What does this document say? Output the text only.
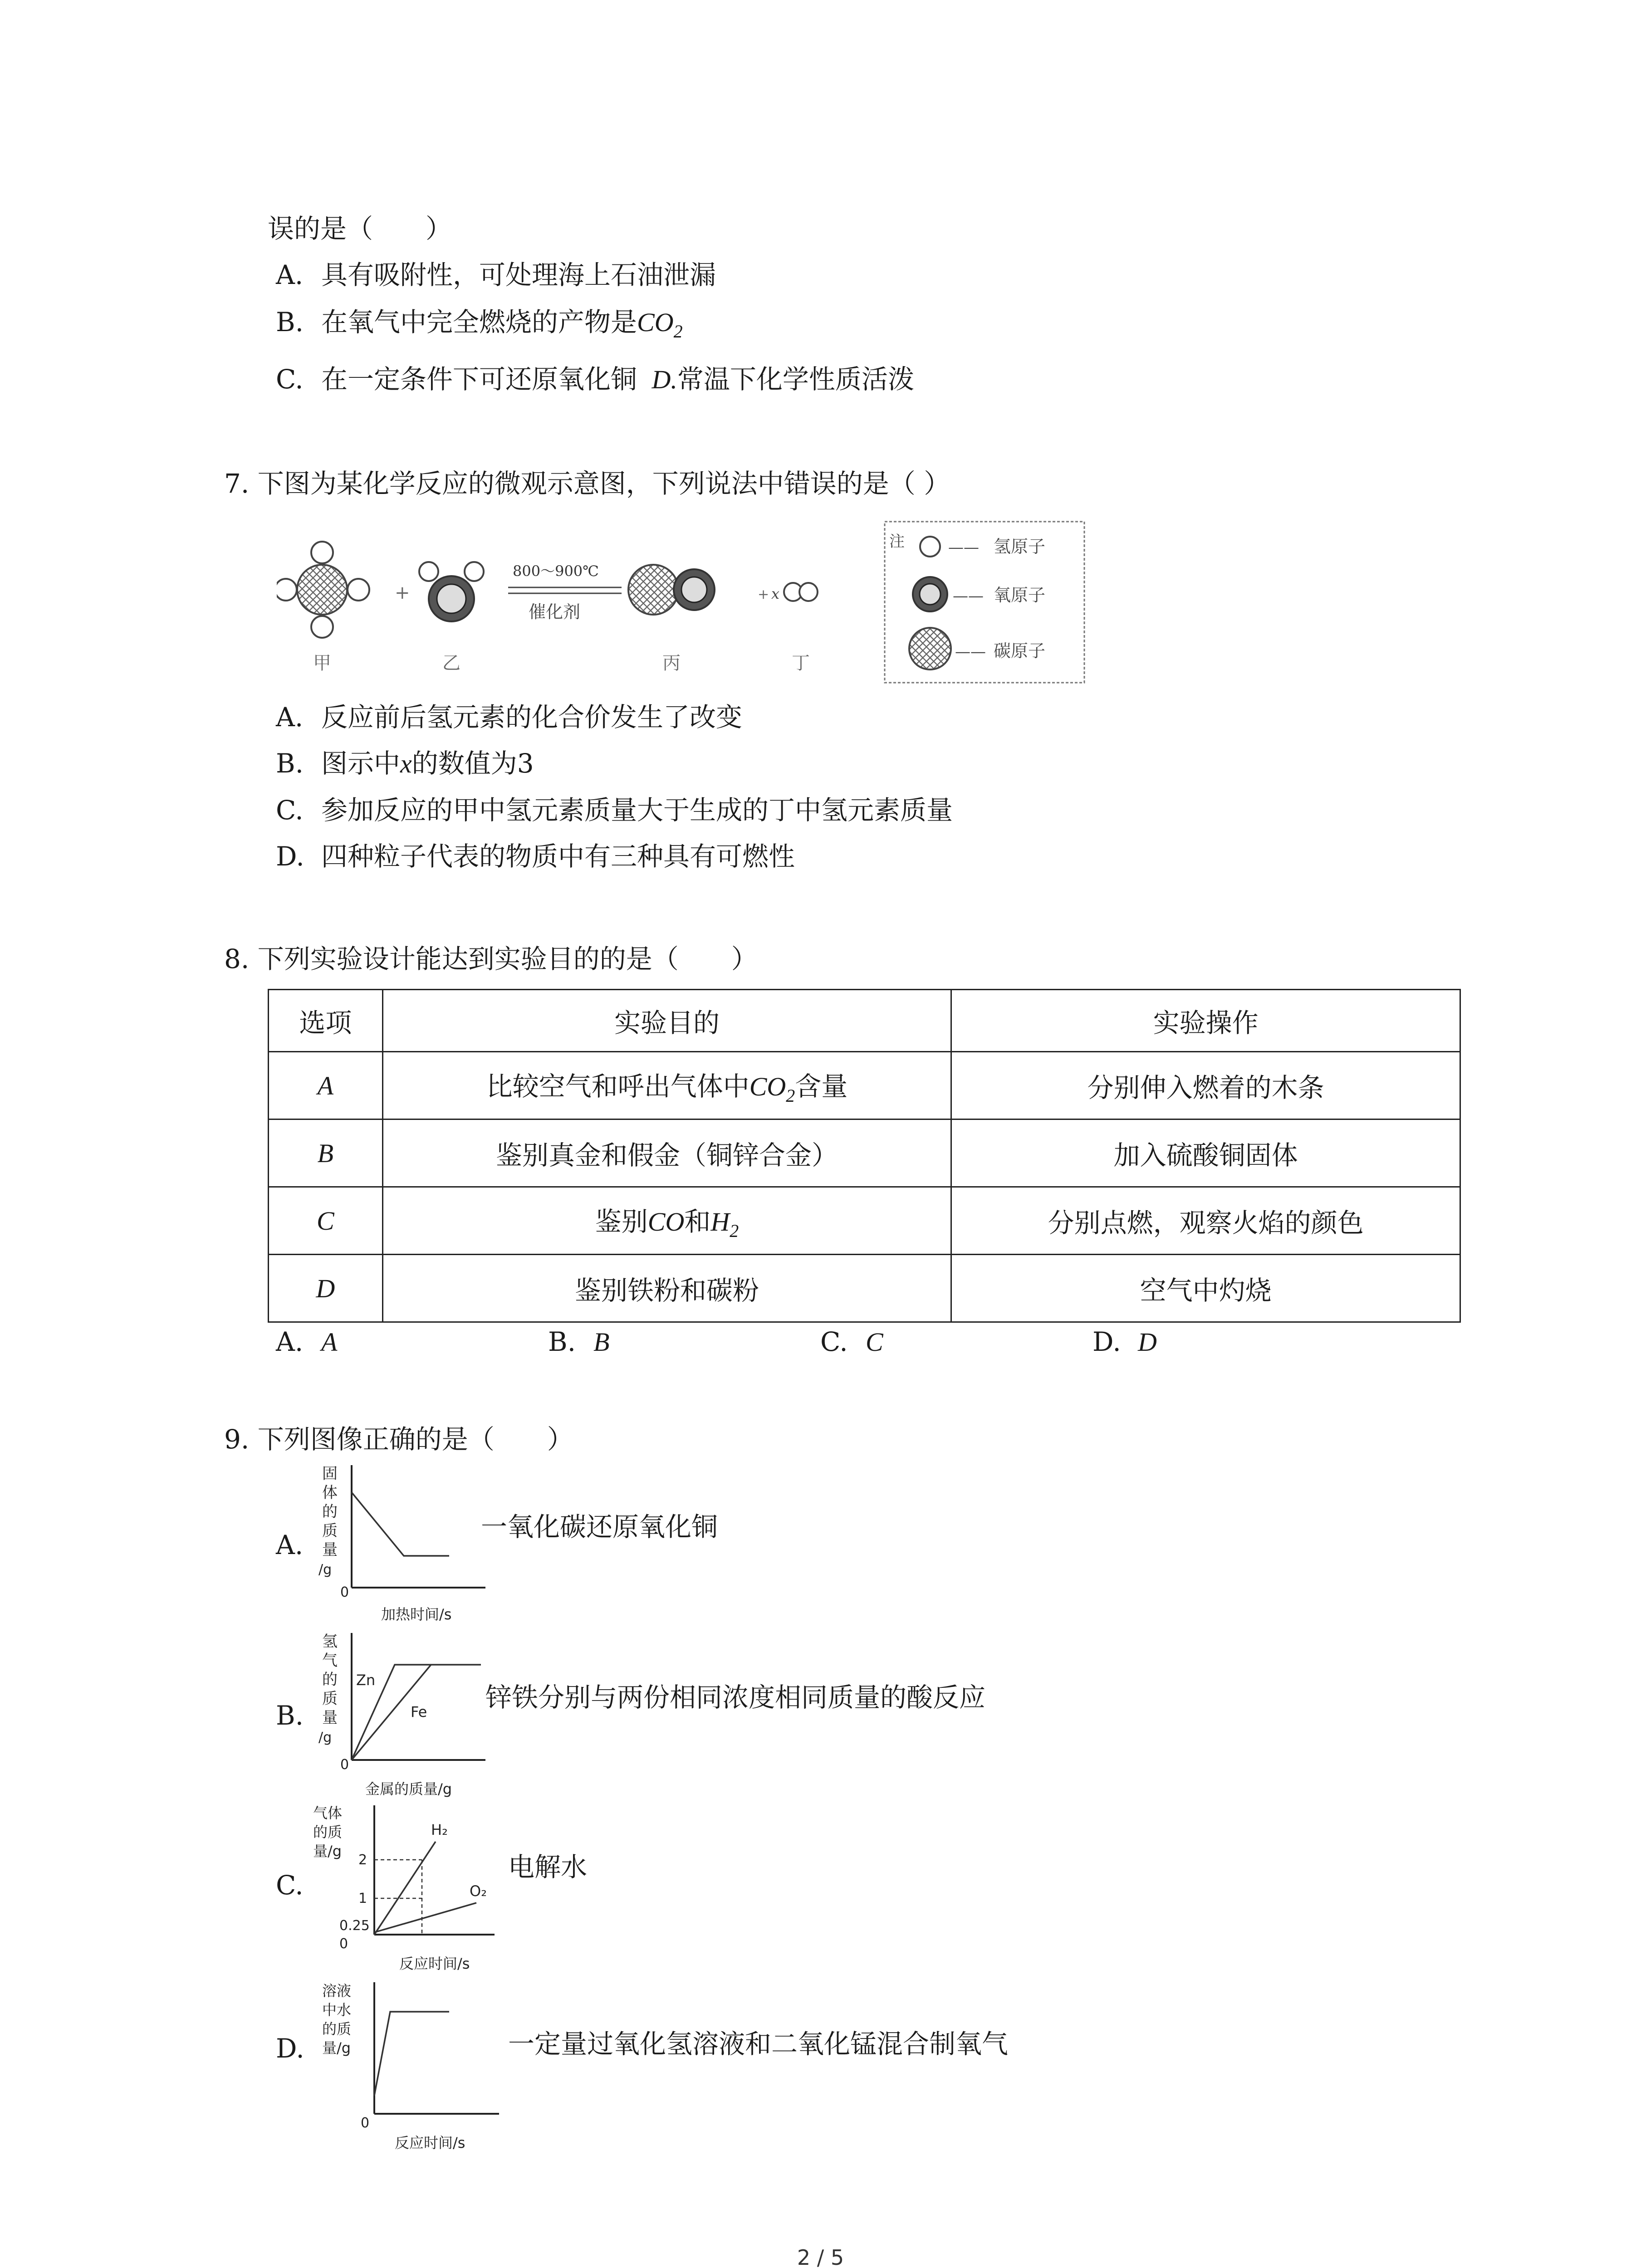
误的是（　　）
A. 具有吸附性，可处理海上石油泄漏
B. 在氧气中完全燃烧的产物是$CO_2$
C. 在一定条件下可还原氧化铜 D.常温下化学性质活泼
7. 下图为某化学反应的微观示意图，下列说法中错误的是（ ）
+
800～900℃
催化剂
+ x
甲	乙	丙	丁
注	—— 氢原子
—— 氧原子
—— 碳原子
A. 反应前后氢元素的化合价发生了改变
B. 图示中x的数值为3
C. 参加反应的甲中氢元素质量大于生成的丁中氢元素质量
D. 四种粒子代表的物质中有三种具有可燃性
8. 下列实验设计能达到实验目的的是（　　）
选项	实验目的	实验操作
A	比较空气和呼出气体中$CO_2$含量	分别伸入燃着的木条
B	鉴别真金和假金（铜锌合金）	加入硫酸铜固体
C	鉴别CO和$H_2$	分别点燃，观察火焰的颜色
D	鉴别铁粉和碳粉	空气中灼烧
A. A	B. B	C. C	D. D
9. 下列图像正确的是（　　）
A.
固
体
的
质
量
/g
0
加热时间/s
一氧化碳还原氧化铜
B.
氢
气
的
质
量
/g
0
Zn
Fe
金属的质量/g
锌铁分别与两份相同浓度相同质量的酸反应
C.
气体
的质
量/g
0
2
1
0.25
H₂
O₂
反应时间/s
电解水
D.
溶液
中水
的质
量/g
0
反应时间/s
一定量过氧化氢溶液和二氧化锰混合制氧气
2 / 5
